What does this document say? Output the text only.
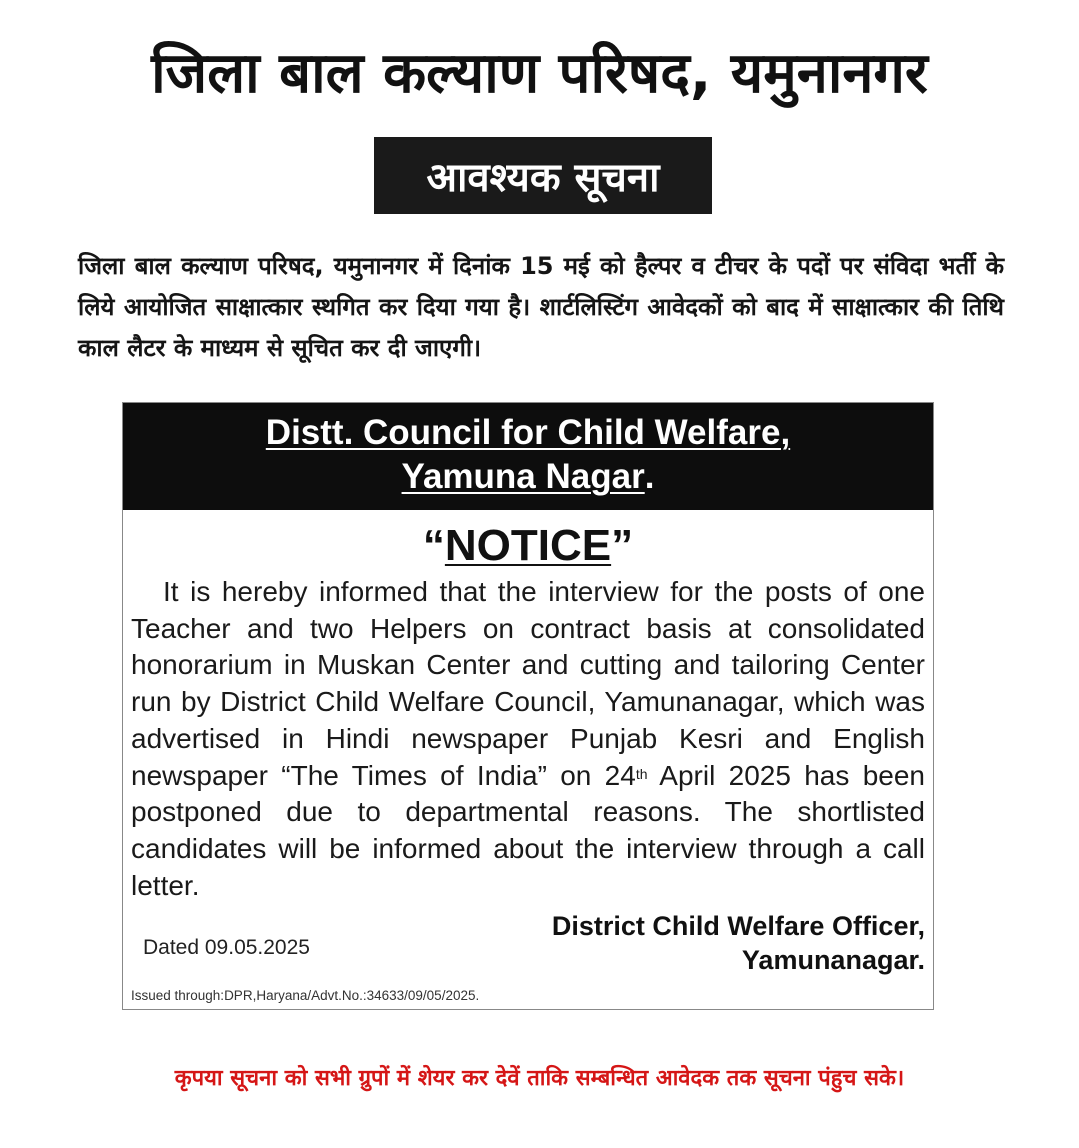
जिला बाल कल्याण परिषद, यमुनानगर
आवश्यक सूचना
जिला बाल कल्याण परिषद, यमुनानगर में दिनांक 15 मई को हैल्पर व टीचर के पदों पर संविदा भर्ती के लिये आयोजित साक्षात्कार स्थगित कर दिया गया है। शार्टलिस्टिंग आवेदकों को बाद में साक्षात्कार की तिथि काल लैटर के माध्यम से सूचित कर दी जाएगी।
Distt. Council for Child Welfare,
Yamuna Nagar.
“NOTICE”
It is hereby informed that the interview for the posts of one Teacher and two Helpers on contract basis at consolidated honorarium in Muskan Center and cutting and tailoring Center run by District Child Welfare Council, Yamunanagar, which was advertised in Hindi newspaper Punjab Kesri and English newspaper “The Times of India” on 24th April 2025 has been postponed due to departmental reasons. The shortlisted candidates will be informed about the interview through a call letter.
District Child Welfare Officer,
Yamunanagar.
Dated 09.05.2025
Issued through:DPR,Haryana/Advt.No.:34633/09/05/2025.
कृपया सूचना को सभी ग्रुपों में शेयर कर देवें ताकि सम्बन्धित आवेदक तक सूचना पंहुच सके।
